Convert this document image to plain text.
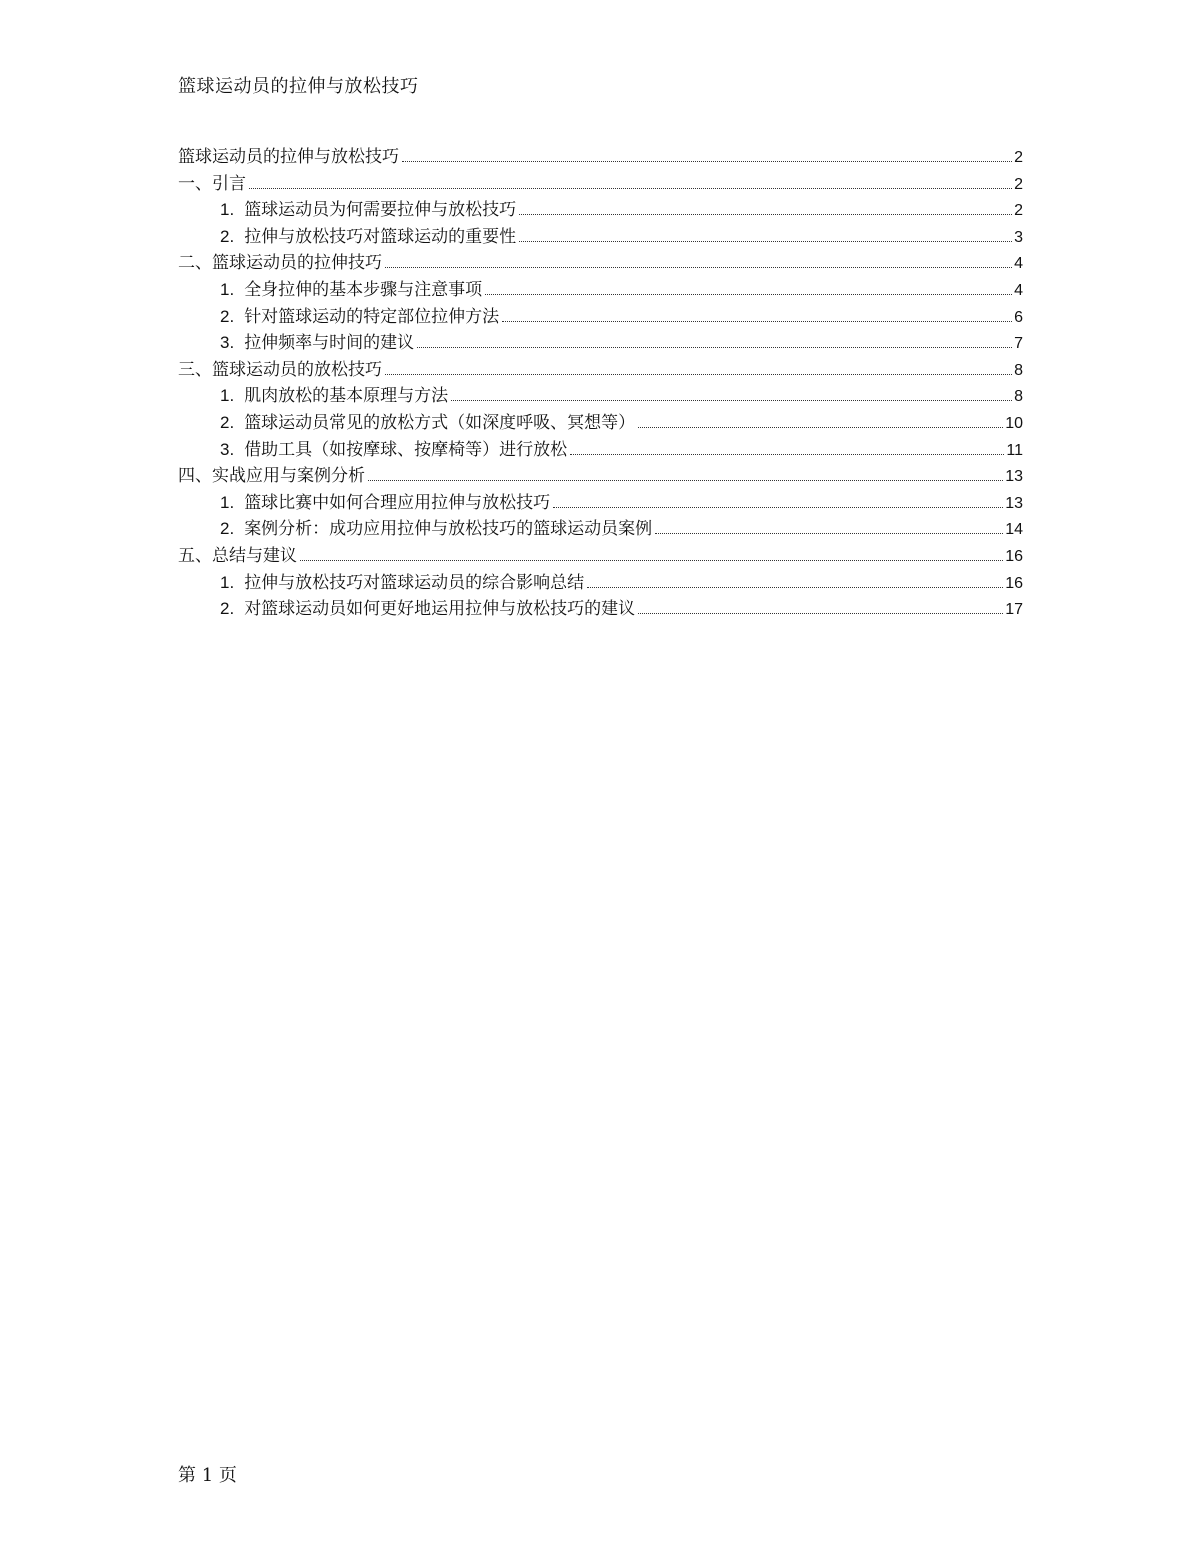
篮球运动员的拉伸与放松技巧
篮球运动员的拉伸与放松技巧	2
一、引言	2
1. 篮球运动员为何需要拉伸与放松技巧	2
2. 拉伸与放松技巧对篮球运动的重要性	3
二、篮球运动员的拉伸技巧	4
1. 全身拉伸的基本步骤与注意事项	4
2. 针对篮球运动的特定部位拉伸方法	6
3. 拉伸频率与时间的建议	7
三、篮球运动员的放松技巧	8
1. 肌肉放松的基本原理与方法	8
2. 篮球运动员常见的放松方式（如深度呼吸、冥想等）	10
3. 借助工具（如按摩球、按摩椅等）进行放松	11
四、实战应用与案例分析	13
1. 篮球比赛中如何合理应用拉伸与放松技巧	13
2. 案例分析：成功应用拉伸与放松技巧的篮球运动员案例	14
五、总结与建议	16
1. 拉伸与放松技巧对篮球运动员的综合影响总结	16
2. 对篮球运动员如何更好地运用拉伸与放松技巧的建议	17
第 1 页
